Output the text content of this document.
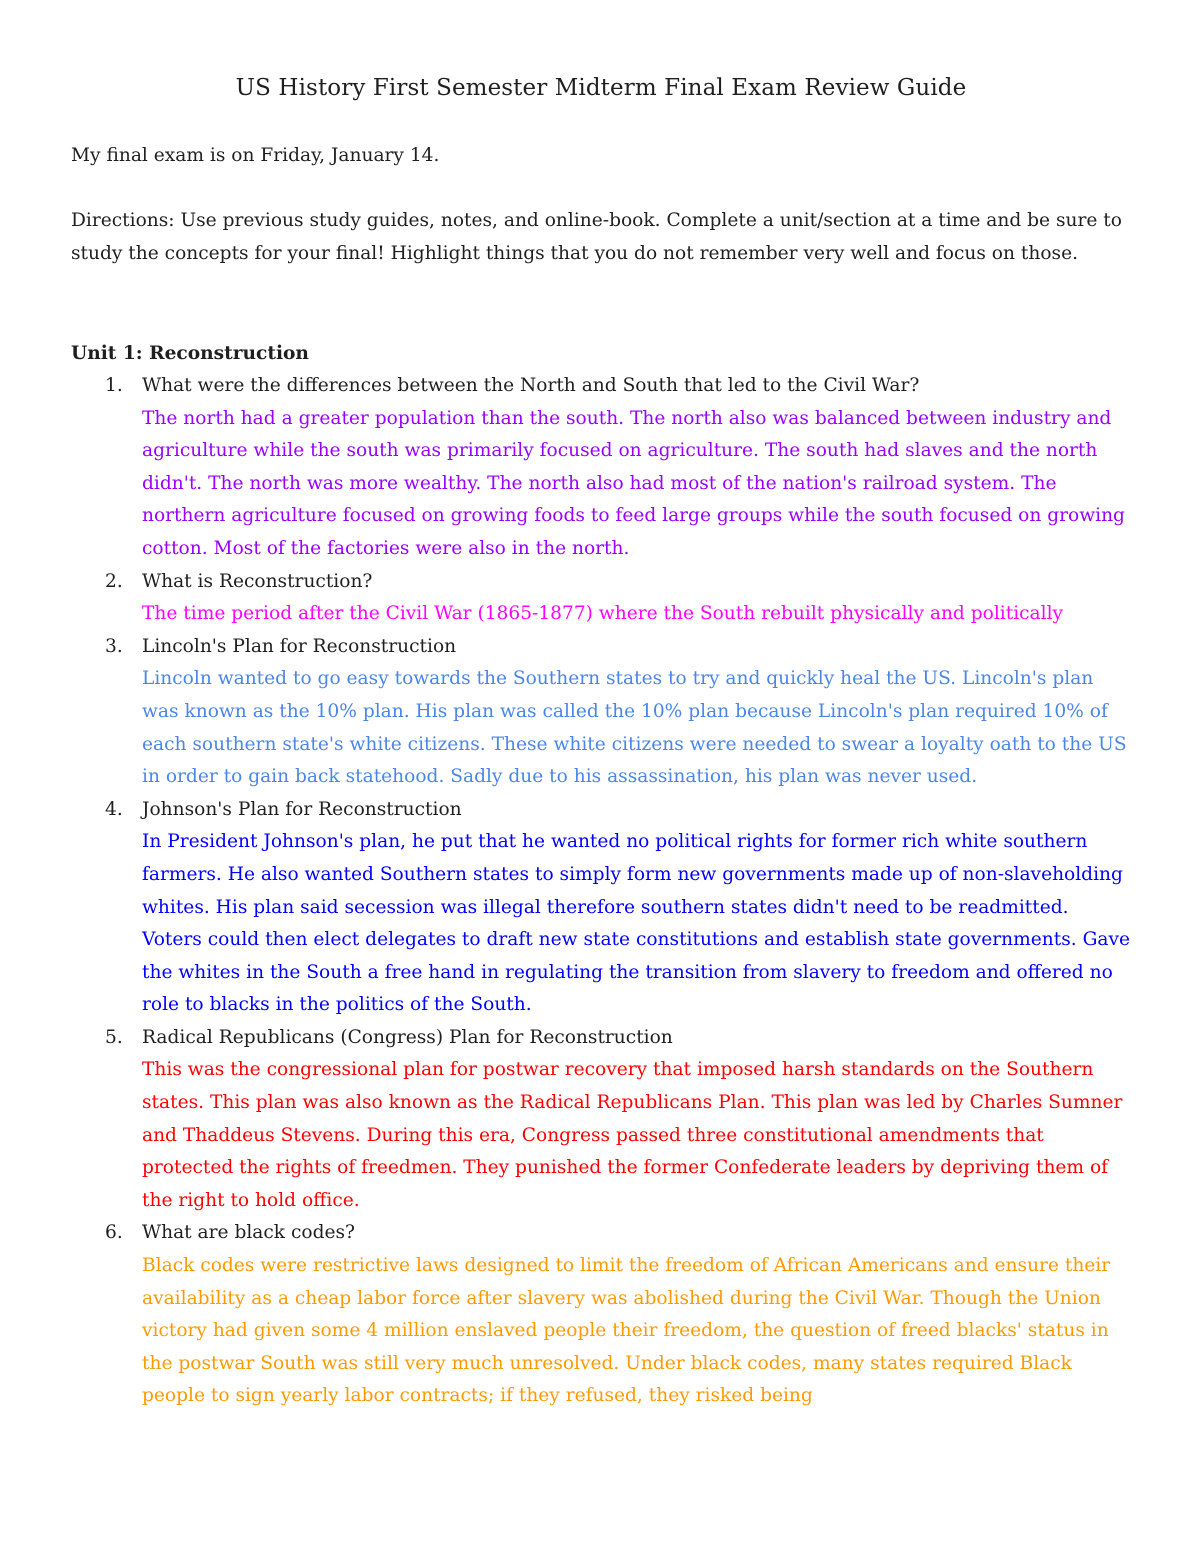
US History First Semester Midterm Final Exam Review Guide

My final exam is on Friday, January 14.

Directions: Use previous study guides, notes, and online-book. Complete a unit/section at a time and be sure to study the concepts for your final! Highlight things that you do not remember very well and focus on those.

Unit 1: Reconstruction
1. What were the differences between the North and South that led to the Civil War?
The north had a greater population than the south. The north also was balanced between industry and agriculture while the south was primarily focused on agriculture. The south had slaves and the north didn't. The north was more wealthy. The north also had most of the nation's railroad system. The northern agriculture focused on growing foods to feed large groups while the south focused on growing cotton. Most of the factories were also in the north.
2. What is Reconstruction?
The time period after the Civil War (1865-1877) where the South rebuilt physically and politically
3. Lincoln's Plan for Reconstruction
Lincoln wanted to go easy towards the Southern states to try and quickly heal the US. Lincoln's plan was known as the 10% plan. His plan was called the 10% plan because Lincoln's plan required 10% of each southern state's white citizens. These white citizens were needed to swear a loyalty oath to the US in order to gain back statehood. Sadly due to his assassination, his plan was never used.
4. Johnson's Plan for Reconstruction
In President Johnson's plan, he put that he wanted no political rights for former rich white southern farmers. He also wanted Southern states to simply form new governments made up of non-slaveholding whites. His plan said secession was illegal therefore southern states didn't need to be readmitted. Voters could then elect delegates to draft new state constitutions and establish state governments. Gave the whites in the South a free hand in regulating the transition from slavery to freedom and offered no role to blacks in the politics of the South.
5. Radical Republicans (Congress) Plan for Reconstruction
This was the congressional plan for postwar recovery that imposed harsh standards on the Southern states. This plan was also known as the Radical Republicans Plan. This plan was led by Charles Sumner and Thaddeus Stevens. During this era, Congress passed three constitutional amendments that protected the rights of freedmen. They punished the former Confederate leaders by depriving them of the right to hold office.
6. What are black codes?
Black codes were restrictive laws designed to limit the freedom of African Americans and ensure their availability as a cheap labor force after slavery was abolished during the Civil War. Though the Union victory had given some 4 million enslaved people their freedom, the question of freed blacks' status in the postwar South was still very much unresolved. Under black codes, many states required Black people to sign yearly labor contracts; if they refused, they risked being
